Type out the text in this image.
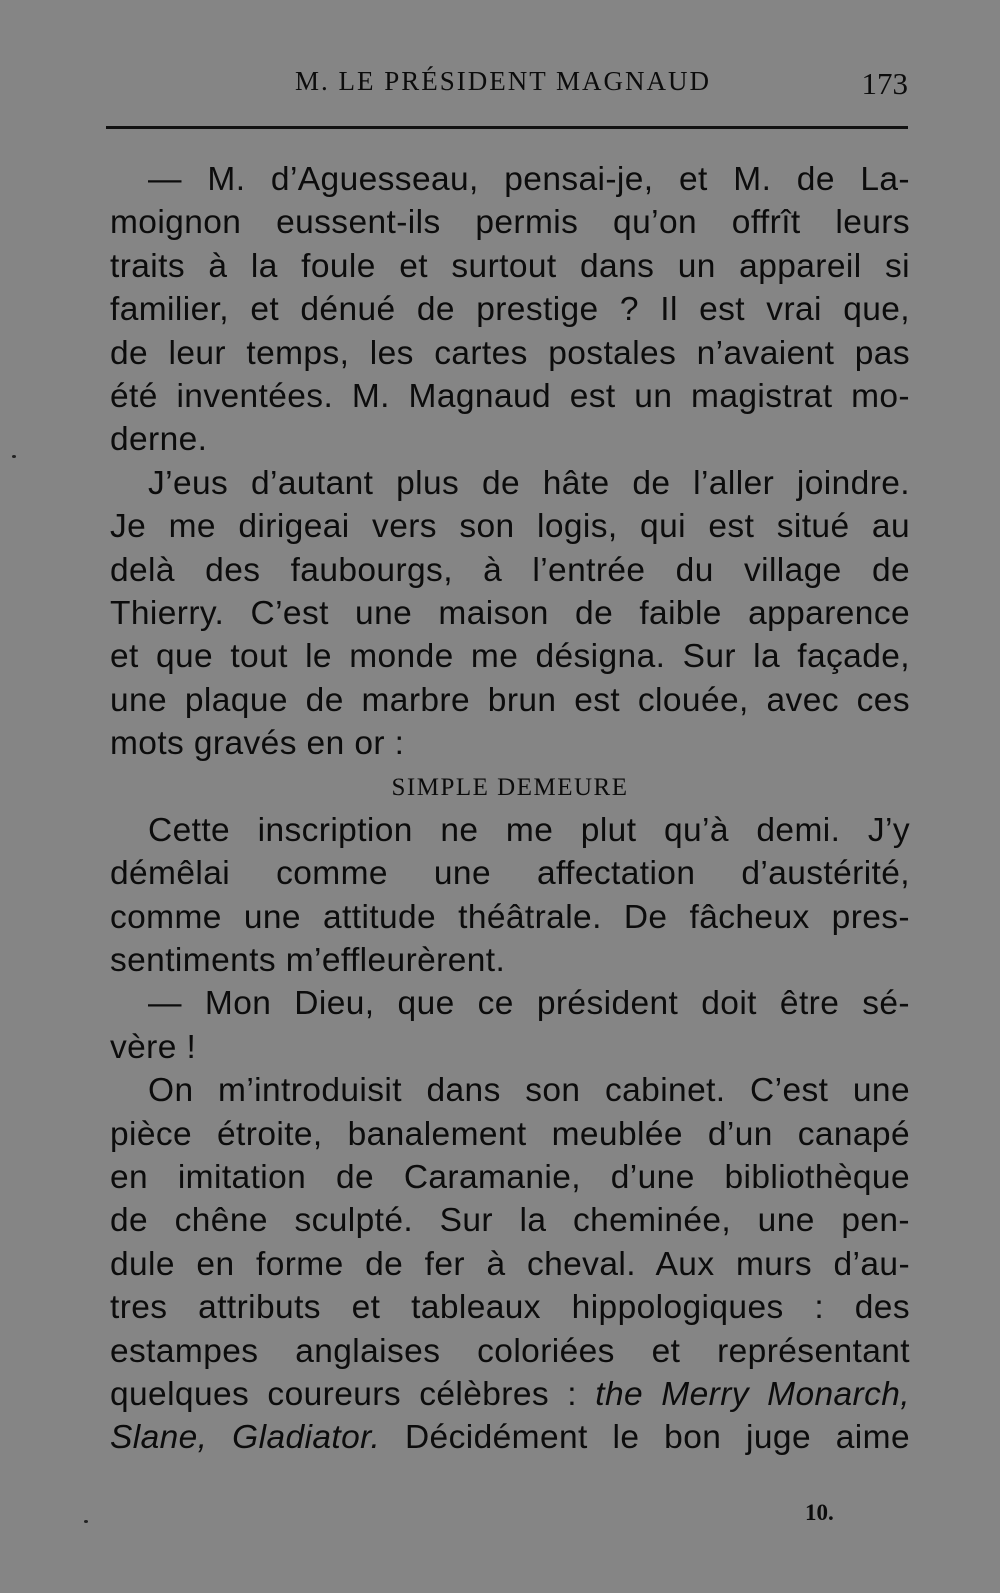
M. LE PRÉSIDENT MAGNAUD	173
— M. d’Aguesseau, pensai-je, et M. de La-
moignon eussent-ils permis qu’on offrît leurs
traits à la foule et surtout dans un appareil si
familier, et dénué de prestige ? Il est vrai que,
de leur temps, les cartes postales n’avaient pas
été inventées. M. Magnaud est un magistrat mo-
derne.
J’eus d’autant plus de hâte de l’aller joindre.
Je me dirigeai vers son logis, qui est situé au
delà des faubourgs, à l’entrée du village de
Thierry. C’est une maison de faible apparence
et que tout le monde me désigna. Sur la façade,
une plaque de marbre brun est clouée, avec ces
mots gravés en or :
SIMPLE DEMEURE
Cette inscription ne me plut qu’à demi. J’y
démêlai comme une affectation d’austérité,
comme une attitude théâtrale. De fâcheux pres-
sentiments m’effleurèrent.
— Mon Dieu, que ce président doit être sé-
vère !
On m’introduisit dans son cabinet. C’est une
pièce étroite, banalement meublée d’un canapé
en imitation de Caramanie, d’une bibliothèque
de chêne sculpté. Sur la cheminée, une pen-
dule en forme de fer à cheval. Aux murs d’au-
tres attributs et tableaux hippologiques : des
estampes anglaises coloriées et représentant
quelques coureurs célèbres : the Merry Monarch,
Slane, Gladiator. Décidément le bon juge aime
10.
